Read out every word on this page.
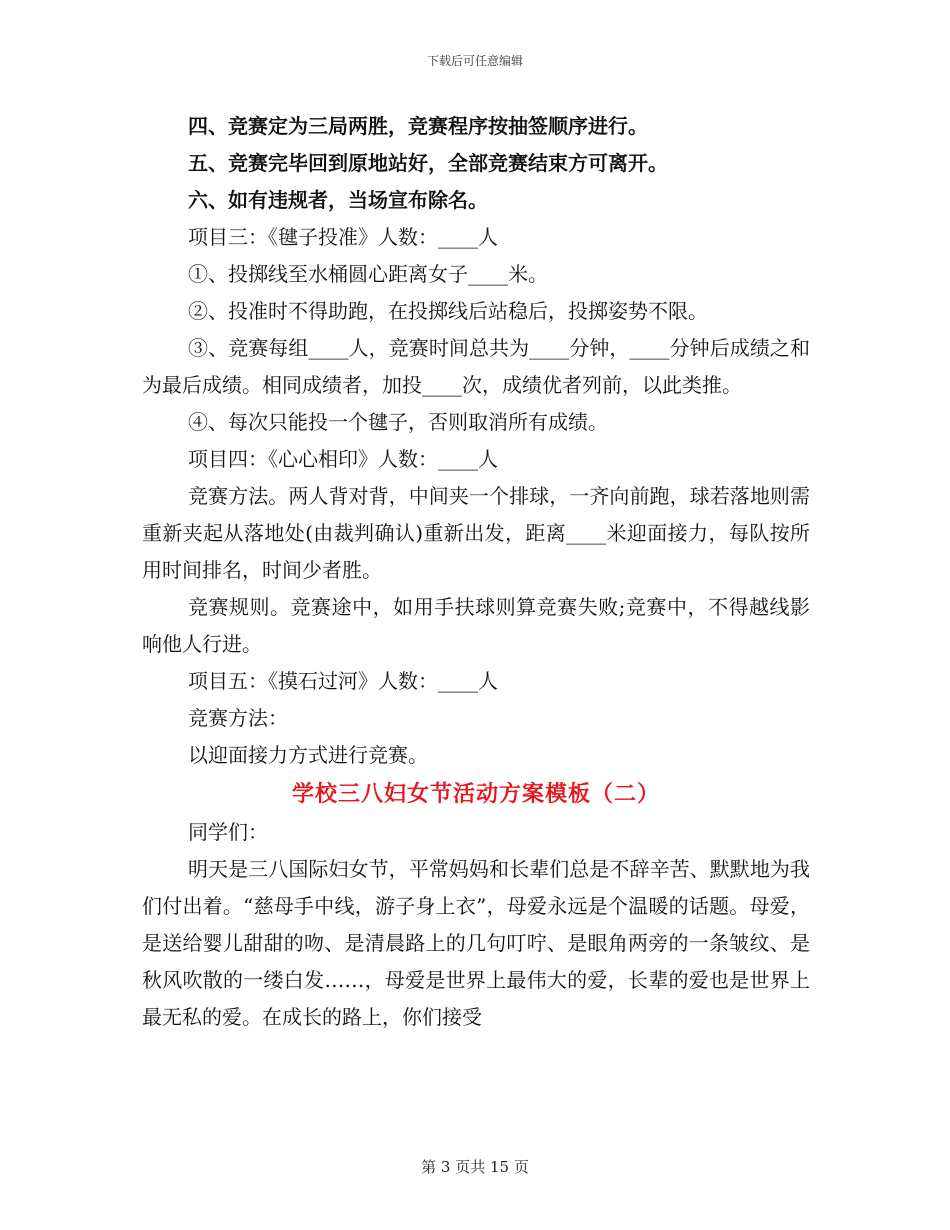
下载后可任意编辑

四、竞赛定为三局两胜，竞赛程序按抽签顺序进行。

五、竞赛完毕回到原地站好，全部竞赛结束方可离开。

六、如有违规者，当场宣布除名。

项目三：《毽子投准》人数：____人

①、投掷线至水桶圆心距离女子____米。

②、投准时不得助跑，在投掷线后站稳后，投掷姿势不限。

③、竞赛每组____人，竞赛时间总共为____分钟，____分钟后成绩之和为最后成绩。相同成绩者，加投____次，成绩优者列前，以此类推。

④、每次只能投一个毽子，否则取消所有成绩。

项目四：《心心相印》人数：____人

竞赛方法。两人背对背，中间夹一个排球，一齐向前跑，球若落地则需重新夹起从落地处(由裁判确认)重新出发，距离____米迎面接力，每队按所用时间排名，时间少者胜。

竞赛规则。竞赛途中，如用手扶球则算竞赛失败;竞赛中，不得越线影响他人行进。

项目五：《摸石过河》人数：____人

竞赛方法：

以迎面接力方式进行竞赛。

学校三八妇女节活动方案模板（二）

同学们：

明天是三八国际妇女节，平常妈妈和长辈们总是不辞辛苦、默默地为我们付出着。“慈母手中线，游子身上衣”，母爱永远是个温暖的话题。母爱，是送给婴儿甜甜的吻、是清晨路上的几句叮咛、是眼角两旁的一条皱纹、是秋风吹散的一缕白发……，母爱是世界上最伟大的爱，长辈的爱也是世界上最无私的爱。在成长的路上，你们接受

第 3 页共 15 页
